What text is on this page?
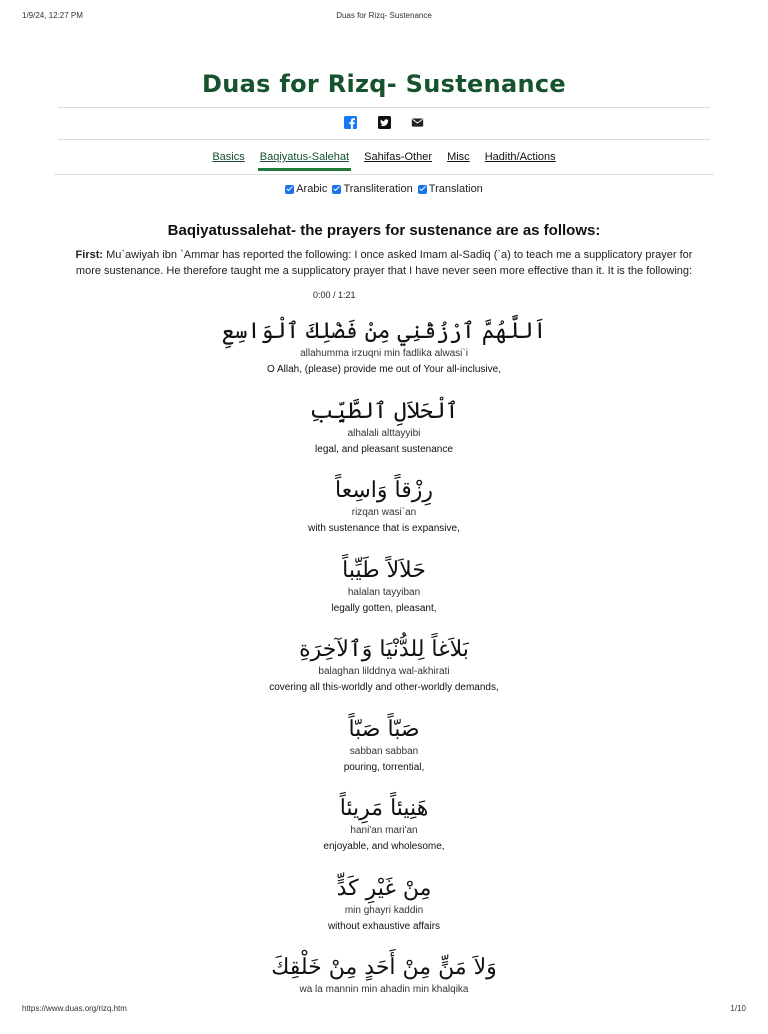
1/9/24, 12:27 PM	Duas for Rizq- Sustenance
Duas for Rizq- Sustenance

Basics Baqiyatus-Salehat Sahifas-Other Misc Hadith/Actions
Arabic
Transliteration
Translation
Baqiyatussalehat- the prayers for sustenance are as follows:
First: Mu`awiyah ibn `Ammar has reported the following: I once asked Imam al-Sadiq (`a) to teach me a supplicatory prayer for more sustenance. He therefore taught me a supplicatory prayer that I have never seen more effective than it. It is the following:
0:00 / 1:21
اَللَّهُمَّ ٱرْزُقْنِي مِنْ فَضْلِكَ ٱلْوَاسِعِ
allahumma irzuqni min fadlika alwasi`i
O Allah, (please) provide me out of Your all-inclusive,
ٱلْحَلاَلِ ٱلطَّيِّبِ
alhalali alttayyibi
legal, and pleasant sustenance
رِزْقاً وَاسِعاً
rizqan wasi`an
with sustenance that is expansive,
حَلاَلاً طَيِّباً
halalan tayyiban
legally gotten, pleasant,
بَلاَغاً لِلدُّنْيَا وَٱلآخِرَةِ
balaghan lilddnya wal-akhirati
covering all this-worldly and other-worldly demands,
صَبّاً صَبّاً
sabban sabban
pouring, torrential,
هَنِيئاً مَرِيئاً
hani'an mari'an
enjoyable, and wholesome,
مِنْ غَيْرِ كَدٍّ
min ghayri kaddin
without exhaustive affairs
وَلاَ مَنٍّ مِنْ أَحَدٍ مِنْ خَلْقِكَ
wa la mannin min ahadin min khalqika
https://www.duas.org/rizq.htm	1/10
